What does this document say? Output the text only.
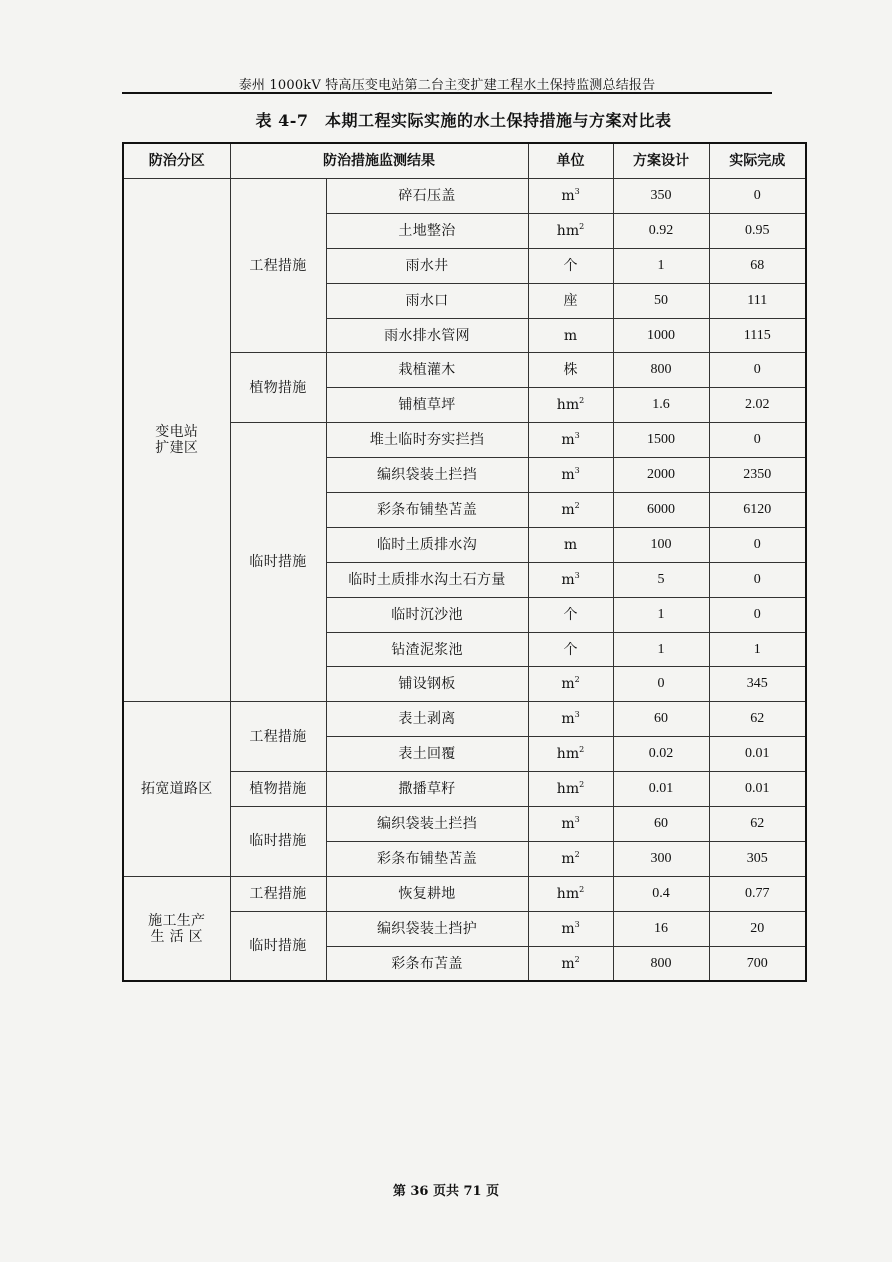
泰州 1000kV 特高压变电站第二台主变扩建工程水土保持监测总结报告
表 4-7　本期工程实际实施的水土保持措施与方案对比表
防治分区	防治措施监测结果		单位	方案设计	实际完成
变电站
扩建区	工程措施	碎石压盖	$m^3$	350	0
		土地整治	$hm^2$	0.92	0.95
		雨水井	个	1	68
		雨水口	座	50	111
		雨水排水管网	m	1000	1115
	植物措施	栽植灌木	株	800	0
		铺植草坪	$hm^2$	1.6	2.02
	临时措施	堆土临时夯实拦挡	$m^3$	1500	0
		编织袋装土拦挡	$m^3$	2000	2350
		彩条布铺垫苫盖	$m^2$	6000	6120
		临时土质排水沟	m	100	0
		临时土质排水沟土石方量	$m^3$	5	0
		临时沉沙池	个	1	0
		钻渣泥浆池	个	1	1
		铺设钢板	$m^2$	0	345
拓宽道路区	工程措施	表土剥离	$m^3$	60	62
		表土回覆	$hm^2$	0.02	0.01
	植物措施	撒播草籽	$hm^2$	0.01	0.01
	临时措施	编织袋装土拦挡	$m^3$	60	62
		彩条布铺垫苫盖	$m^2$	300	305
施工生产
生 活 区	工程措施	恢复耕地	$hm^2$	0.4	0.77
	临时措施	编织袋装土挡护	$m^3$	16	20
		彩条布苫盖	$m^2$	800	700
第 36 页共 71 页
